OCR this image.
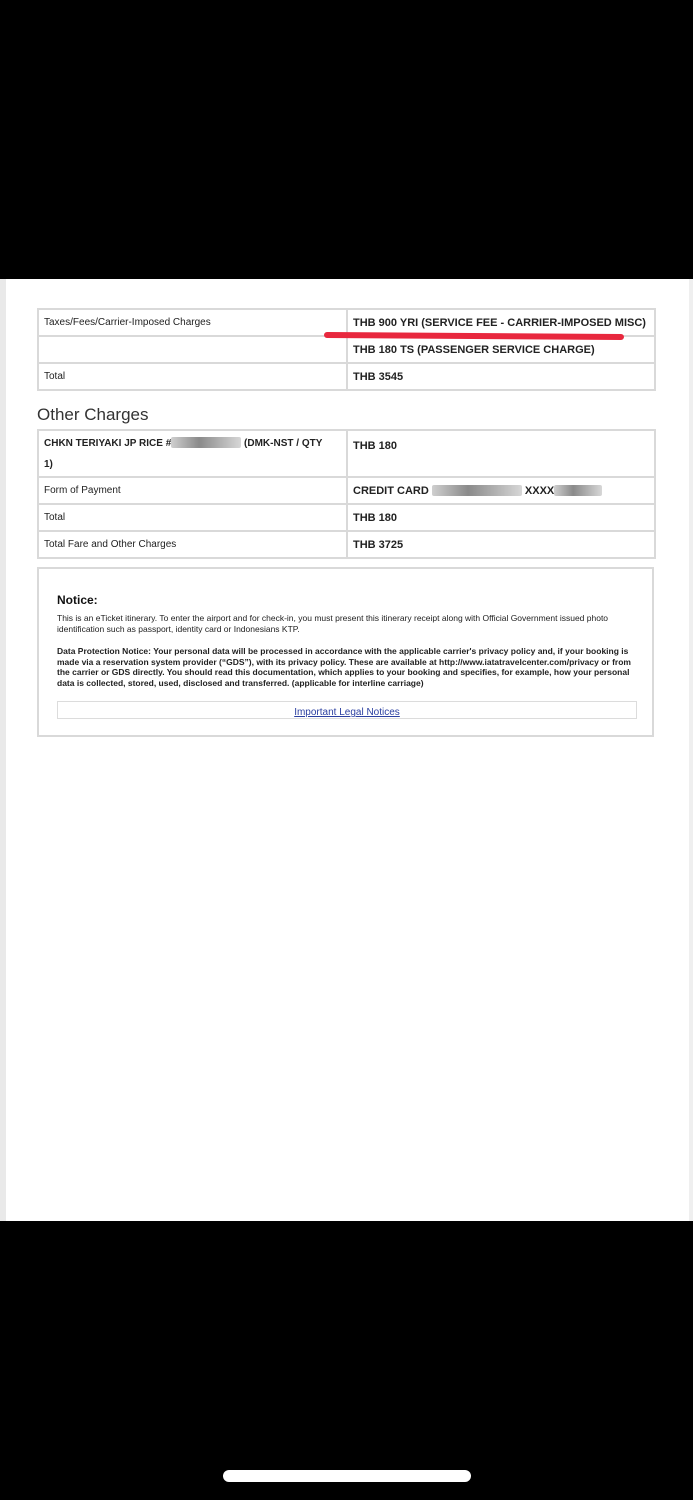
Taxes/Fees/Carrier-Imposed Charges	THB 900 YRI (SERVICE FEE - CARRIER-IMPOSED MISC)
	THB 180 TS (PASSENGER SERVICE CHARGE)
Total	THB 3545
Other Charges
CHKN TERIYAKI JP RICE # (DMK-NST / QTY
1)	THB 180
Form of Payment	CREDIT CARD XXXX
Total	THB 180
Total Fare and Other Charges	THB 3725
Notice:
This is an eTicket itinerary. To enter the airport and for check-in, you must present this itinerary receipt along with Official Government issued photo identification such as passport, identity card or Indonesians KTP.
Data Protection Notice: Your personal data will be processed in accordance with the applicable carrier's privacy policy and, if your booking is made via a reservation system provider (“GDS”), with its privacy policy. These are available at http://www.iatatravelcenter.com/privacy or from the carrier or GDS directly. You should read this documentation, which applies to your booking and specifies, for example, how your personal data is collected, stored, used, disclosed and transferred. (applicable for interline carriage)
Important Legal Notices
